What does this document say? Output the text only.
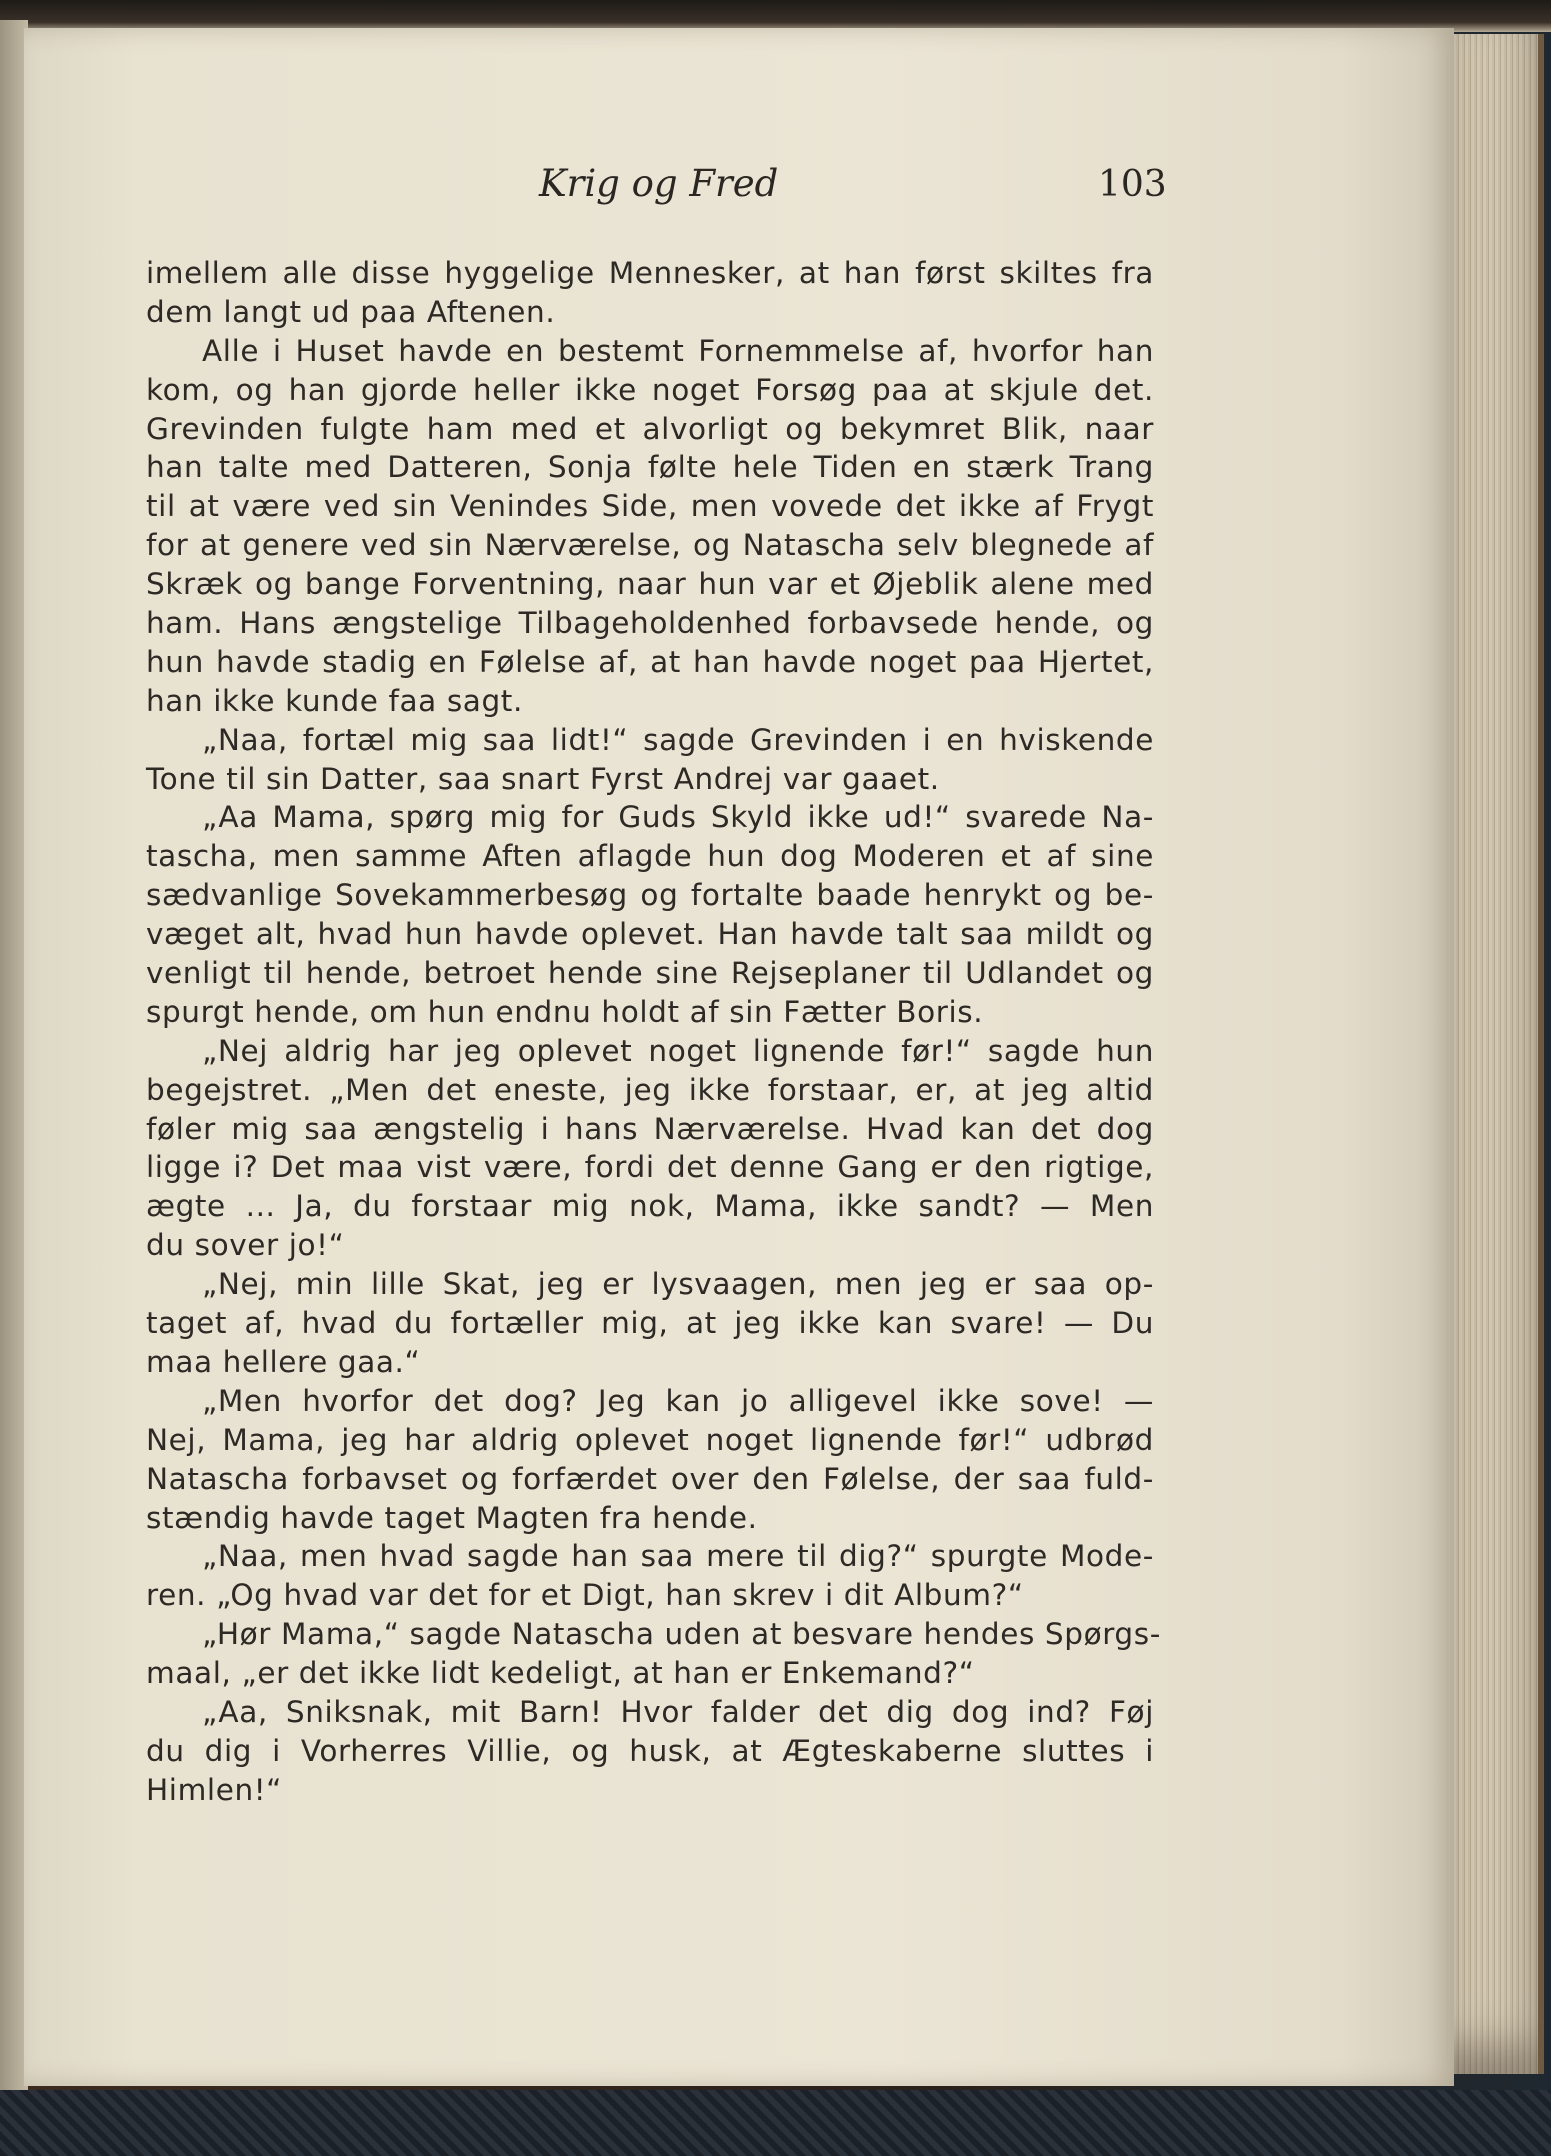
Krig og Fred	103

imellem alle disse hyggelige Mennesker, at han først skiltes fra
dem langt ud paa Aftenen.
Alle i Huset havde en bestemt Fornemmelse af, hvorfor han
kom, og han gjorde heller ikke noget Forsøg paa at skjule det.
Grevinden fulgte ham med et alvorligt og bekymret Blik, naar
han talte med Datteren, Sonja følte hele Tiden en stærk Trang
til at være ved sin Venindes Side, men vovede det ikke af Frygt
for at genere ved sin Nærværelse, og Natascha selv blegnede af
Skræk og bange Forventning, naar hun var et Øjeblik alene med
ham. Hans ængstelige Tilbageholdenhed forbavsede hende, og
hun havde stadig en Følelse af, at han havde noget paa Hjertet,
han ikke kunde faa sagt.
„Naa, fortæl mig saa lidt!“ sagde Grevinden i en hviskende
Tone til sin Datter, saa snart Fyrst Andrej var gaaet.
„Aa Mama, spørg mig for Guds Skyld ikke ud!“ svarede Na-
tascha, men samme Aften aflagde hun dog Moderen et af sine
sædvanlige Sovekammerbesøg og fortalte baade henrykt og be-
væget alt, hvad hun havde oplevet. Han havde talt saa mildt og
venligt til hende, betroet hende sine Rejseplaner til Udlandet og
spurgt hende, om hun endnu holdt af sin Fætter Boris.
„Nej aldrig har jeg oplevet noget lignende før!“ sagde hun
begejstret. „Men det eneste, jeg ikke forstaar, er, at jeg altid
føler mig saa ængstelig i hans Nærværelse. Hvad kan det dog
ligge i? Det maa vist være, fordi det denne Gang er den rigtige,
ægte ... Ja, du forstaar mig nok, Mama, ikke sandt? — Men
du sover jo!“
„Nej, min lille Skat, jeg er lysvaagen, men jeg er saa op-
taget af, hvad du fortæller mig, at jeg ikke kan svare! — Du
maa hellere gaa.“
„Men hvorfor det dog? Jeg kan jo alligevel ikke sove! —
Nej, Mama, jeg har aldrig oplevet noget lignende før!“ udbrød
Natascha forbavset og forfærdet over den Følelse, der saa fuld-
stændig havde taget Magten fra hende.
„Naa, men hvad sagde han saa mere til dig?“ spurgte Mode-
ren. „Og hvad var det for et Digt, han skrev i dit Album?“
„Hør Mama,“ sagde Natascha uden at besvare hendes Spørgs-
maal, „er det ikke lidt kedeligt, at han er Enkemand?“
„Aa, Sniksnak, mit Barn! Hvor falder det dig dog ind? Føj
du dig i Vorherres Villie, og husk, at Ægteskaberne sluttes i
Himlen!“
